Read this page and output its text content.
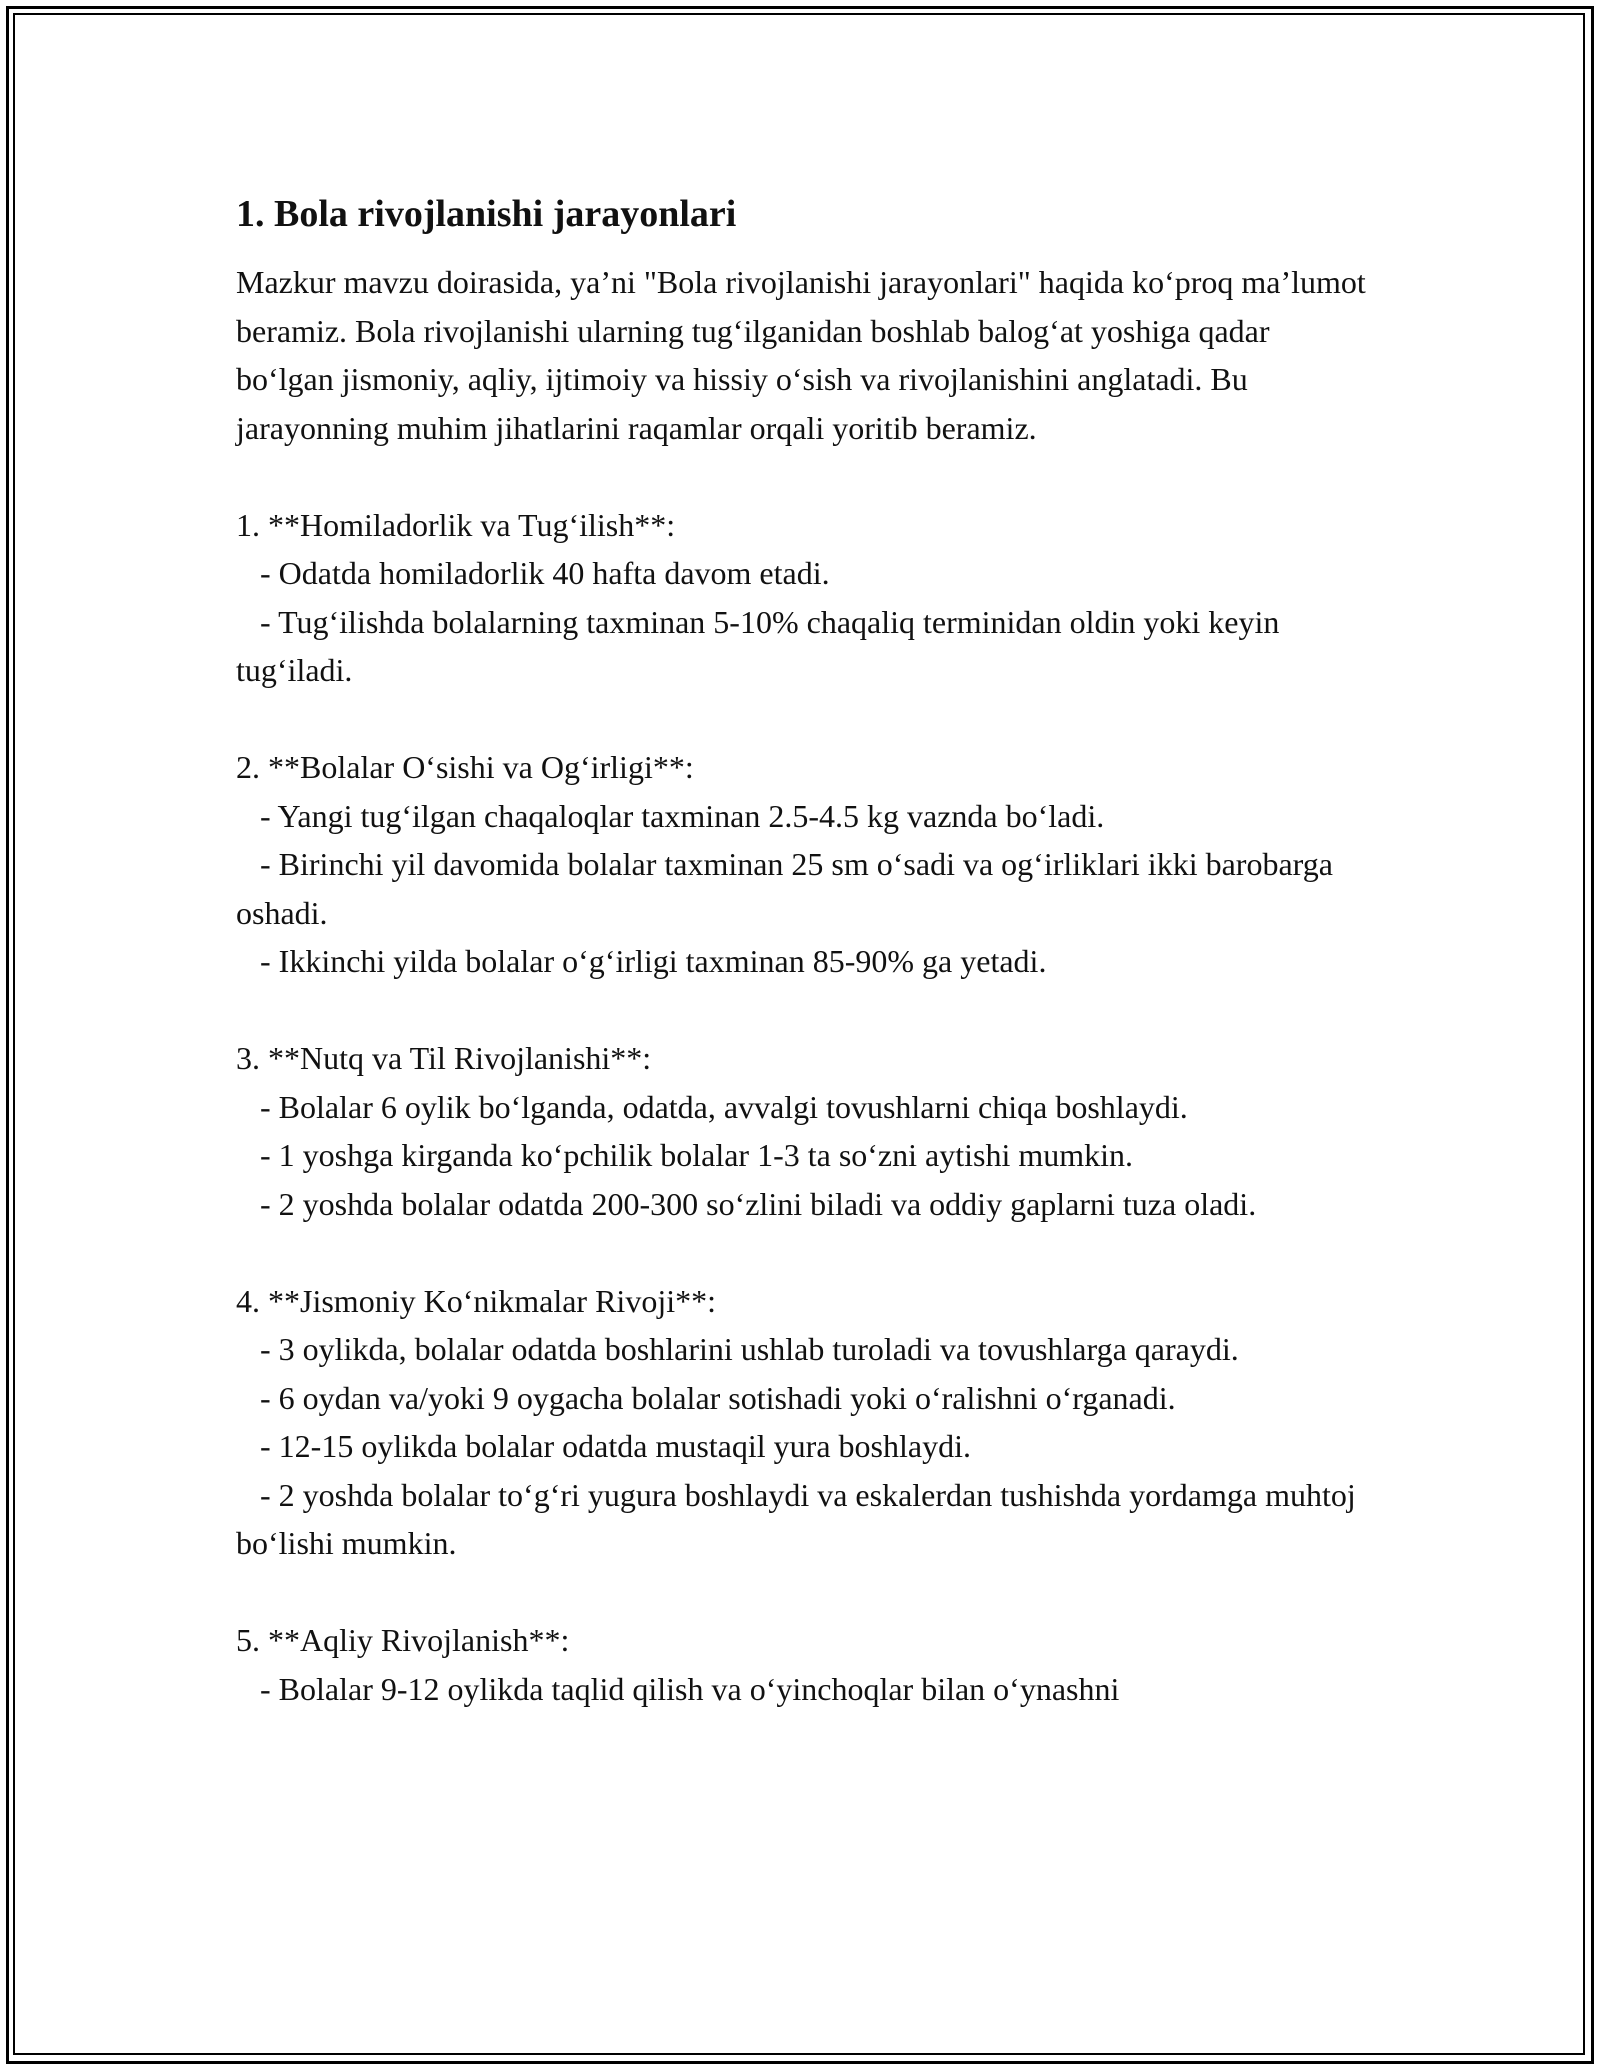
1. Bola rivojlanishi jarayonlari

Mazkur mavzu doirasida, ya’ni "Bola rivojlanishi jarayonlari" haqida ko‘proq ma’lumot beramiz. Bola rivojlanishi ularning tug‘ilganidan boshlab balog‘at yoshiga qadar bo‘lgan jismoniy, aqliy, ijtimoiy va hissiy o‘sish va rivojlanishini anglatadi. Bu jarayonning muhim jihatlarini raqamlar orqali yoritib beramiz.

1. **Homiladorlik va Tug‘ilish**:

- Odatda homiladorlik 40 hafta davom etadi.

- Tug‘ilishda bolalarning taxminan 5-10% chaqaliq terminidan oldin yoki keyin tug‘iladi.

2. **Bolalar O‘sishi va Og‘irligi**:

- Yangi tug‘ilgan chaqaloqlar taxminan 2.5-4.5 kg vaznda bo‘ladi.

- Birinchi yil davomida bolalar taxminan 25 sm o‘sadi va og‘irliklari ikki barobarga oshadi.

- Ikkinchi yilda bolalar o‘g‘irligi taxminan 85-90% ga yetadi.

3. **Nutq va Til Rivojlanishi**:

- Bolalar 6 oylik bo‘lganda, odatda, avvalgi tovushlarni chiqa boshlaydi.

- 1 yoshga kirganda ko‘pchilik bolalar 1-3 ta so‘zni aytishi mumkin.

- 2 yoshda bolalar odatda 200-300 so‘zlini biladi va oddiy gaplarni tuza oladi.

4. **Jismoniy Ko‘nikmalar Rivoji**:

- 3 oylikda, bolalar odatda boshlarini ushlab turoladi va tovushlarga qaraydi.

- 6 oydan va/yoki 9 oygacha bolalar sotishadi yoki o‘ralishni o‘rganadi.

- 12-15 oylikda bolalar odatda mustaqil yura boshlaydi.

- 2 yoshda bolalar to‘g‘ri yugura boshlaydi va eskalerdan tushishda yordamga muhtoj bo‘lishi mumkin.

5. **Aqliy Rivojlanish**:

- Bolalar 9-12 oylikda taqlid qilish va o‘yinchoqlar bilan o‘ynashni
